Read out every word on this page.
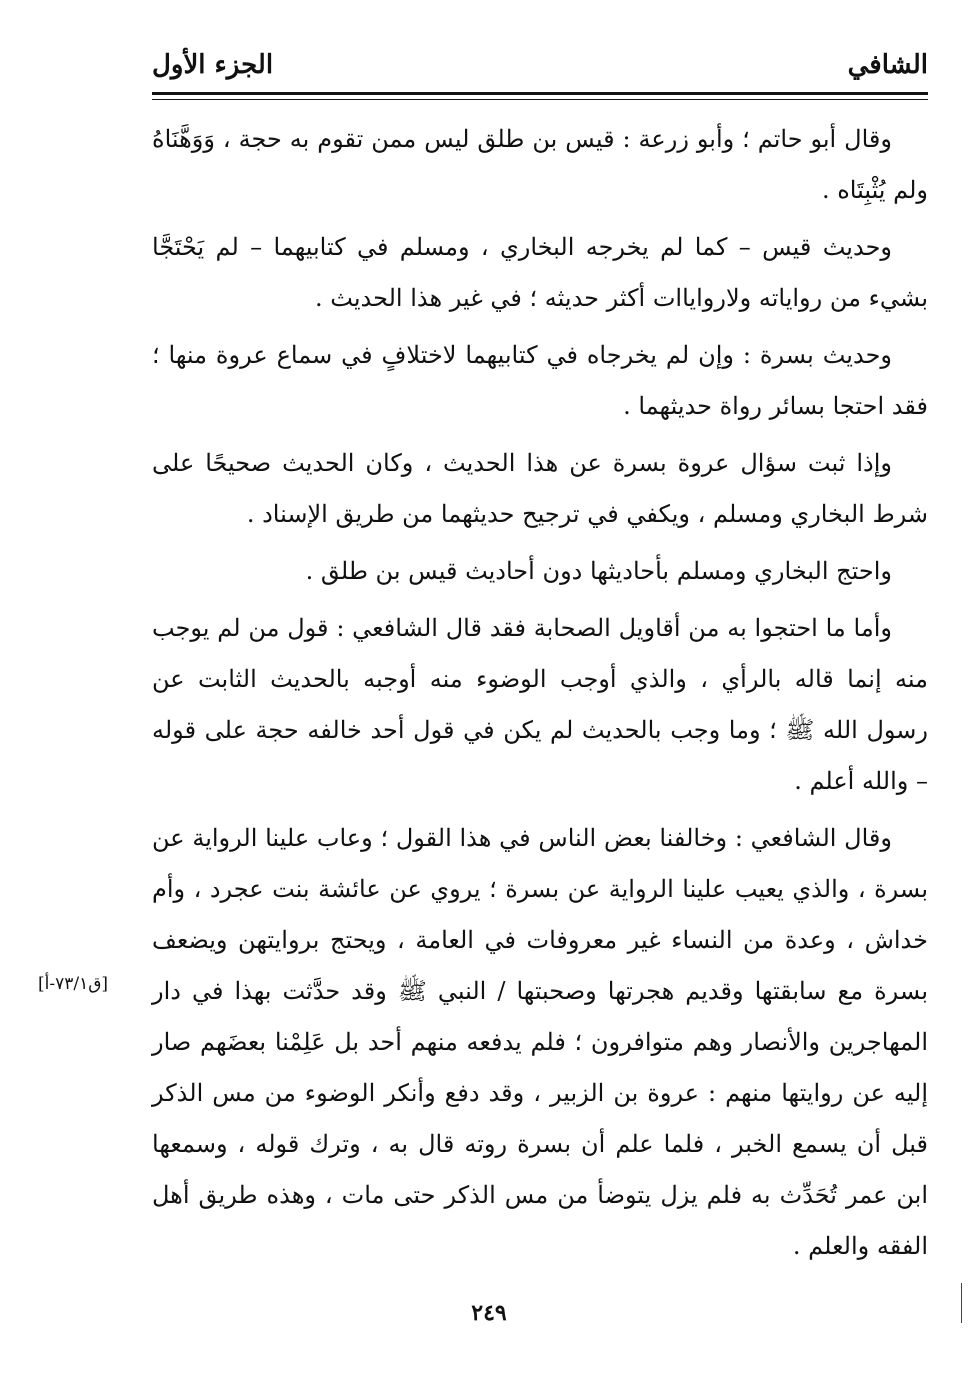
الشافي
الجزء الأول

وقال أبو حاتم ؛ وأبو زرعة : قيس بن طلق ليس ممن تقوم به حجة ، وَوَهَّنَاهُ ولم يُثْبِتَاه .

وحديث قيس – كما لم يخرجه البخاري ، ومسلم في كتابيهما – لم يَحْتَجَّا بشيء من رواياته ولارواياات أكثر حديثه ؛ في غير هذا الحديث .

وحديث بسرة : وإن لم يخرجاه في كتابيهما لاختلافٍ في سماع عروة منها ؛ فقد احتجا بسائر رواة حديثهما .

وإذا ثبت سؤال عروة بسرة عن هذا الحديث ، وكان الحديث صحيحًا على شرط البخاري ومسلم ، ويكفي في ترجيح حديثهما من طريق الإسناد .

واحتج البخاري ومسلم بأحاديثها دون أحاديث قيس بن طلق .

وأما ما احتجوا به من أقاويل الصحابة فقد قال الشافعي : قول من لم يوجب منه إنما قاله بالرأي ، والذي أوجب الوضوء منه أوجبه بالحديث الثابت عن رسول الله ﷺ ؛ وما وجب بالحديث لم يكن في قول أحد خالفه حجة على قوله – والله أعلم .

وقال الشافعي : وخالفنا بعض الناس في هذا القول ؛ وعاب علينا الرواية عن بسرة ، والذي يعيب علينا الرواية عن بسرة ؛ يروي عن عائشة بنت عجرد ، وأم خداش ، وعدة من النساء غير معروفات في العامة ، ويحتج بروايتهن ويضعف بسرة مع سابقتها وقديم هجرتها وصحبتها / النبي ﷺ وقد حدَّثت بهذا في دار المهاجرين والأنصار وهم متوافرون ؛ فلم يدفعه منهم أحد بل عَلِمْنا بعضَهم صار إليه عن روايتها منهم : عروة بن الزبير ، وقد دفع وأنكر الوضوء من مس الذكر قبل أن يسمع الخبر ، فلما علم أن بسرة روته قال به ، وترك قوله ، وسمعها ابن عمر تُحَدِّث به فلم يزل يتوضأ من مس الذكر حتى مات ، وهذه طريق أهل الفقه والعلم .

[ق۷۳/۱-أ]
٢٤٩
